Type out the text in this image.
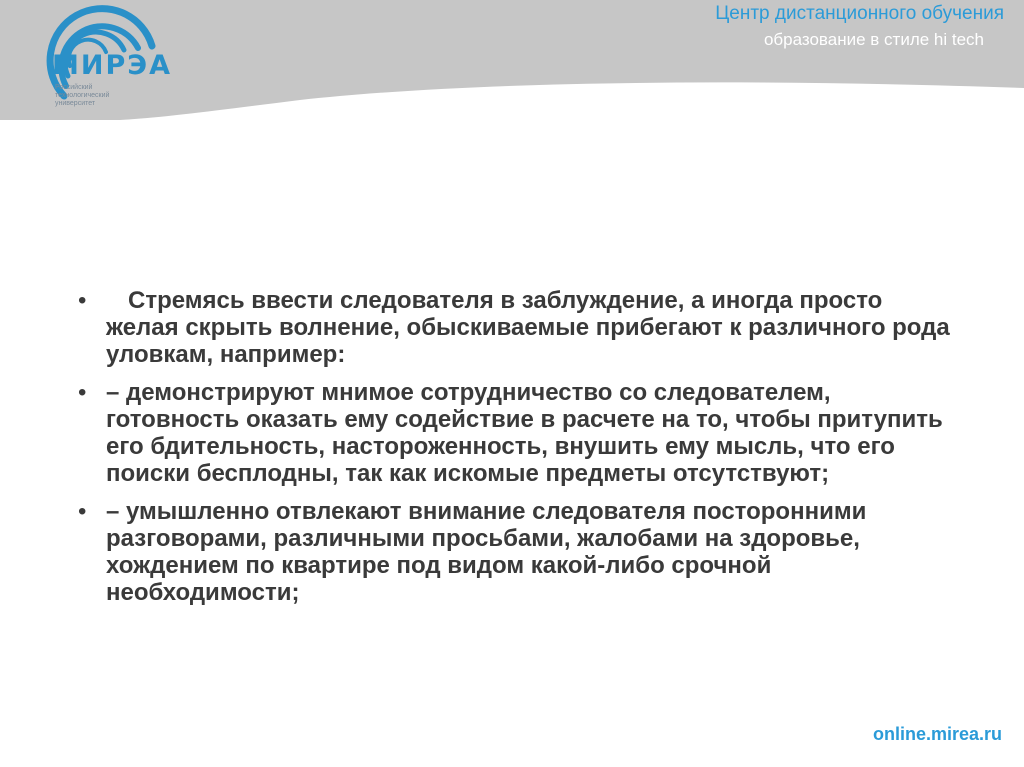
МИРЭА
Российский
технологический
университет
Центр дистанционного обучения

образование в стиле hi tech

•	Стремясь ввести следователя в заблуждение, а иногда просто желая скрыть волнение, обыскиваемые прибегают к различного рода уловкам, например:
• – демонстрируют мнимое сотрудничество со следователем, готовность оказать ему содействие в расчете на то, чтобы притупить его бдительность, настороженность, внушить ему мысль, что его поиски бесплодны, так как искомые предметы отсутствуют;
• – умышленно отвлекают внимание следователя посторонними разговорами, различными просьбами, жалобами на здоровье, хождением по квартире под видом какой-либо срочной необходимости;

online.mirea.ru
